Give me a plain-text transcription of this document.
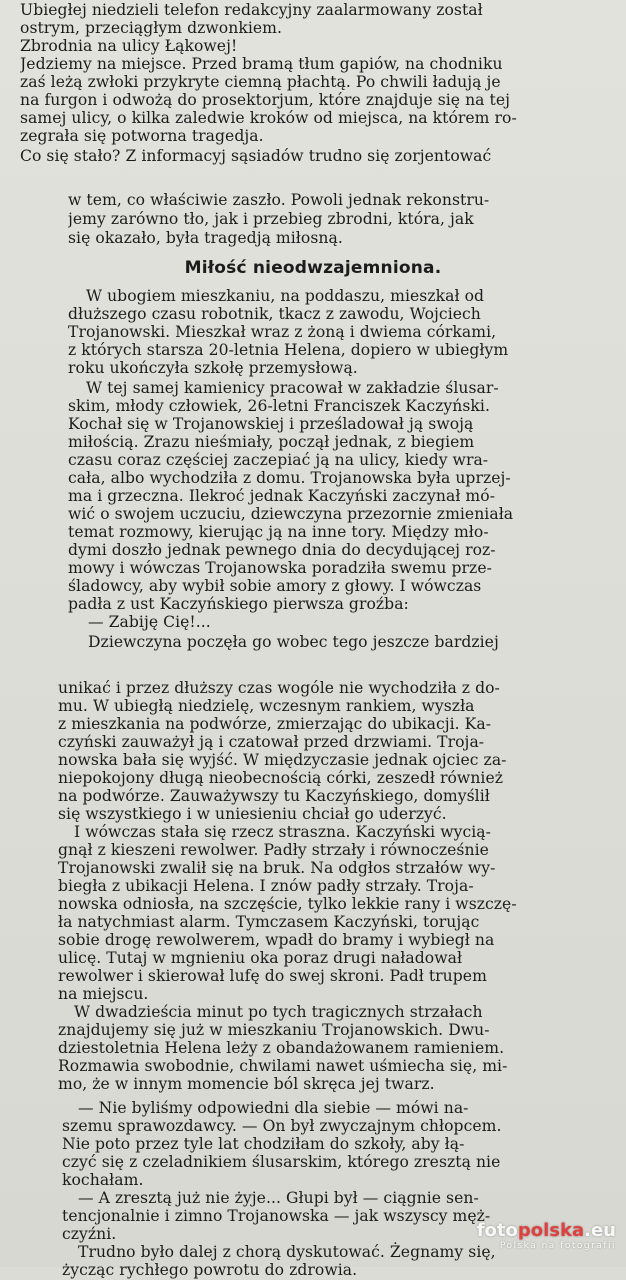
Ubiegłej niedzieli telefon redakcyjny zaalarmowany został
ostrym, przeciągłym dzwonkiem.
Zbrodnia na ulicy Łąkowej!
Jedziemy na miejsce. Przed bramą tłum gapiów, na chodniku
zaś leżą zwłoki przykryte ciemną płachtą. Po chwili ładują je
na furgon i odwożą do prosektorjum, które znajduje się na tej
samej ulicy, o kilka zaledwie kroków od miejsca, na którem ro-
zegrała się potworna tragedja.
Co się stało? Z informacyj sąsiadów trudno się zorjentować
w tem, co właściwie zaszło. Powoli jednak rekonstru-
jemy zarówno tło, jak i przebieg zbrodni, która, jak
się okazało, była tragedją miłosną.
Miłość nieodwzajemniona.
W ubogiem mieszkaniu, na poddaszu, mieszkał od
dłuższego czasu robotnik, tkacz z zawodu, Wojciech
Trojanowski. Mieszkał wraz z żoną i dwiema córkami,
z których starsza 20-letnia Helena, dopiero w ubiegłym
roku ukończyła szkołę przemysłową.
W tej samej kamienicy pracował w zakładzie ślusar-
skim, młody człowiek, 26-letni Franciszek Kaczyński.
Kochał się w Trojanowskiej i prześladował ją swoją
miłością. Zrazu nieśmiały, począł jednak, z biegiem
czasu coraz częściej zaczepiać ją na ulicy, kiedy wra-
cała, albo wychodziła z domu. Trojanowska była uprzej-
ma i grzeczna. Ilekroć jednak Kaczyński zaczynał mó-
wić o swojem uczuciu, dziewczyna przezornie zmieniała
temat rozmowy, kierując ją na inne tory. Między mło-
dymi doszło jednak pewnego dnia do decydującej roz-
mowy i wówczas Trojanowska poradziła swemu prze-
śladowcy, aby wybił sobie amory z głowy. I wówczas
padła z ust Kaczyńskiego pierwsza groźba:
— Zabiję Cię!...
Dziewczyna poczęła go wobec tego jeszcze bardziej
unikać i przez dłuższy czas wogóle nie wychodziła z do-
mu. W ubiegłą niedzielę, wczesnym rankiem, wyszła
z mieszkania na podwórze, zmierzając do ubikacji. Ka-
czyński zauważył ją i czatował przed drzwiami. Troja-
nowska bała się wyjść. W międzyczasie jednak ojciec za-
niepokojony długą nieobecnością córki, zeszedł również
na podwórze. Zauważywszy tu Kaczyńskiego, domyślił
się wszystkiego i w uniesieniu chciał go uderzyć.
I wówczas stała się rzecz straszna. Kaczyński wycią-
gnął z kieszeni rewolwer. Padły strzały i równocześnie
Trojanowski zwalił się na bruk. Na odgłos strzałów wy-
biegła z ubikacji Helena. I znów padły strzały. Troja-
nowska odniosła, na szczęście, tylko lekkie rany i wszczę-
ła natychmiast alarm. Tymczasem Kaczyński, torując
sobie drogę rewolwerem, wpadł do bramy i wybiegł na
ulicę. Tutaj w mgnieniu oka poraz drugi naładował
rewolwer i skierował lufę do swej skroni. Padł trupem
na miejscu.
W dwadzieścia minut po tych tragicznych strzałach
znajdujemy się już w mieszkaniu Trojanowskich. Dwu-
dziestoletnia Helena leży z obandażowanem ramieniem.
Rozmawia swobodnie, chwilami nawet uśmiecha się, mi-
mo, że w innym momencie ból skręca jej twarz.
— Nie byliśmy odpowiedni dla siebie — mówi na-
szemu sprawozdawcy. — On był zwyczajnym chłopcem.
Nie poto przez tyle lat chodziłam do szkoły, aby łą-
czyć się z czeladnikiem ślusarskim, którego zresztą nie
kochałam.
— A zresztą już nie żyje... Głupi był — ciągnie sen-
tencjonalnie i zimno Trojanowska — jak wszyscy męż-
czyźni.
Trudno było dalej z chorą dyskutować. Żegnamy się,
życząc rychłego powrotu do zdrowia.
fotopolska.eu
Polska na fotografii
